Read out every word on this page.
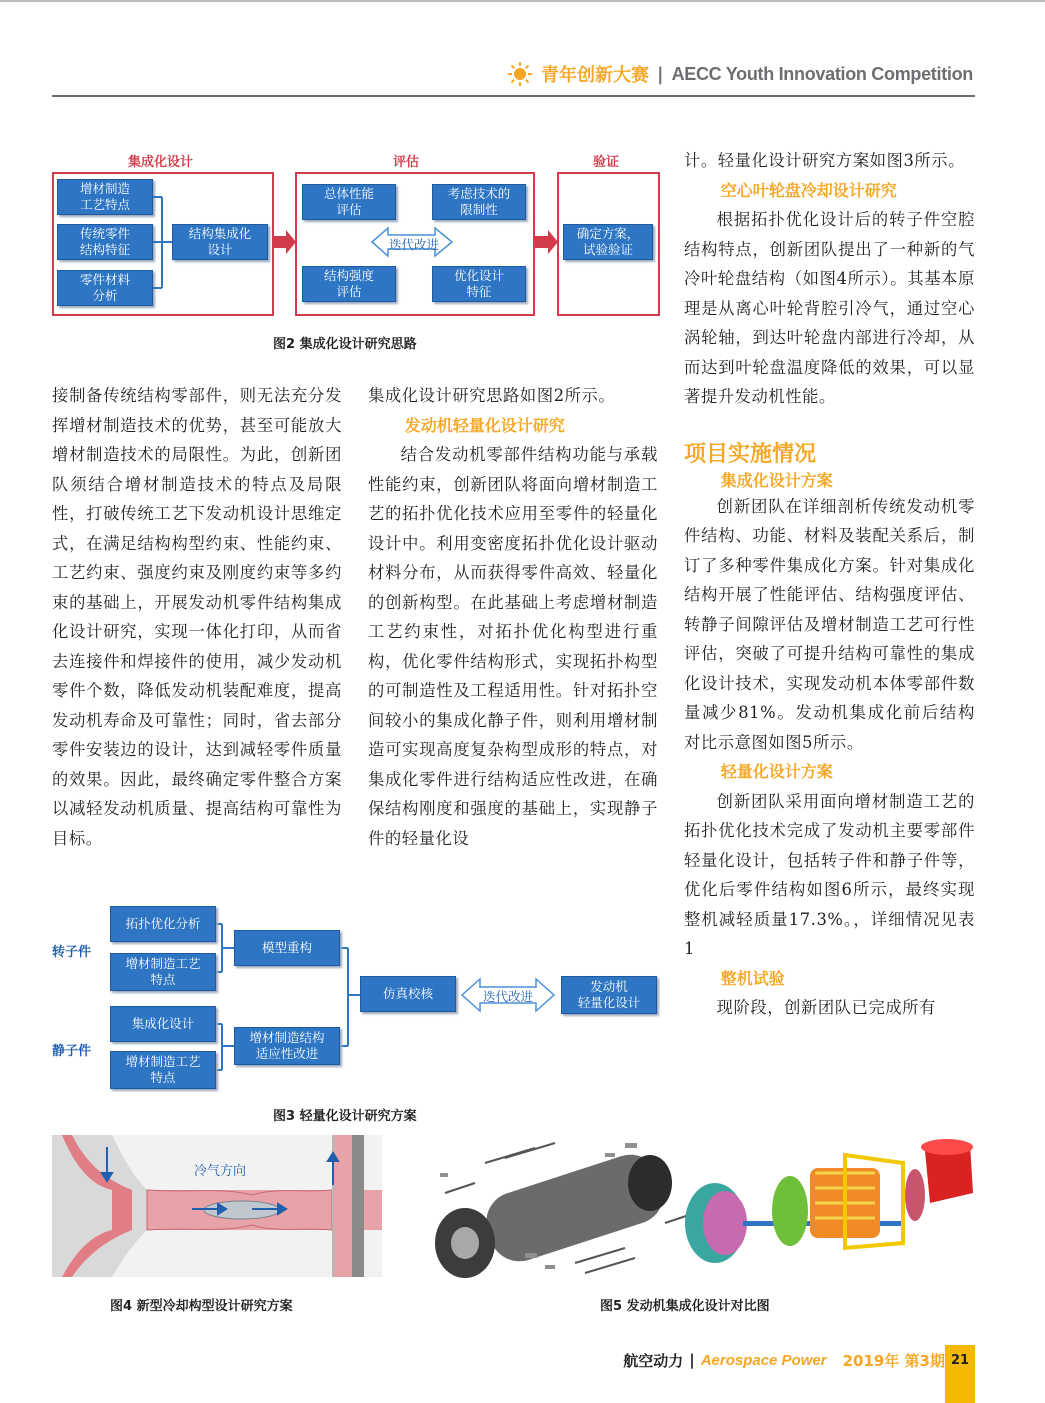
青年创新大赛 | AECC Youth Innovation Competition
集成化设计	评估	验证
增材制造
工艺特点
传统零件
结构特征
零件材料
分析
结构集成化
设计
总体性能
评估
考虑技术的
限制性
结构强度
评估
优化设计
特征
确定方案，
试验验证
迭代改进
图2 集成化设计研究思路

接制备传统结构零部件，则无法充分发挥增材制造技术的优势，甚至可能放大增材制造技术的局限性。为此，创新团队须结合增材制造技术的特点及局限性，打破传统工艺下发动机设计思维定式，在满足结构构型约束、性能约束、工艺约束、强度约束及刚度约束等多约束的基础上，开展发动机零件结构集成化设计研究，实现一体化打印，从而省去连接件和焊接件的使用，减少发动机零件个数，降低发动机装配难度，提高发动机寿命及可靠性；同时，省去部分零件安装边的设计，达到减轻零件质量的效果。因此，最终确定零件整合方案以减轻发动机质量、提高结构可靠性为目标。

集成化设计研究思路如图2所示。

发动机轻量化设计研究

结合发动机零部件结构功能与承载性能约束，创新团队将面向增材制造工艺的拓扑优化技术应用至零件的轻量化设计中。利用变密度拓扑优化设计驱动材料分布，从而获得零件高效、轻量化的创新构型。在此基础上考虑增材制造工艺约束性，对拓扑优化构型进行重构，优化零件结构形式，实现拓扑构型的可制造性及工程适用性。针对拓扑空间较小的集成化静子件，则利用增材制造可实现高度复杂构型成形的特点，对集成化零件进行结构适应性改进，在确保结构刚度和强度的基础上，实现静子件的轻量化设

计。轻量化设计研究方案如图3所示。

空心叶轮盘冷却设计研究

根据拓扑优化设计后的转子件空腔结构特点，创新团队提出了一种新的气冷叶轮盘结构（如图4所示）。其基本原理是从离心叶轮背腔引冷气，通过空心涡轮轴，到达叶轮盘内部进行冷却，从而达到叶轮盘温度降低的效果，可以显著提升发动机性能。

项目实施情况

集成化设计方案

创新团队在详细剖析传统发动机零件结构、功能、材料及装配关系后，制订了多种零件集成化方案。针对集成化结构开展了性能评估、结构强度评估、转静子间隙评估及增材制造工艺可行性评估，突破了可提升结构可靠性的集成化设计技术，实现发动机本体零部件数量减少81%。发动机集成化前后结构对比示意图如图5所示。

轻量化设计方案

创新团队采用面向增材制造工艺的拓扑优化技术完成了发动机主要零部件轻量化设计，包括转子件和静子件等，优化后零件结构如图6所示，最终实现整机减轻质量17.3%。，详细情况见表1

整机试验

现阶段，创新团队已完成所有

转子件
静子件
拓扑优化分析
增材制造工艺
特点
模型重构
集成化设计
增材制造工艺
特点
增材制造结构
适应性改进
仿真校核	发动机
轻量化设计
迭代改进
图3 轻量化设计研究方案
冷气方向
图4 新型冷却构型设计研究方案	图5 发动机集成化设计对比图
航空动力 | Aerospace Power 2019年 第3期 21
